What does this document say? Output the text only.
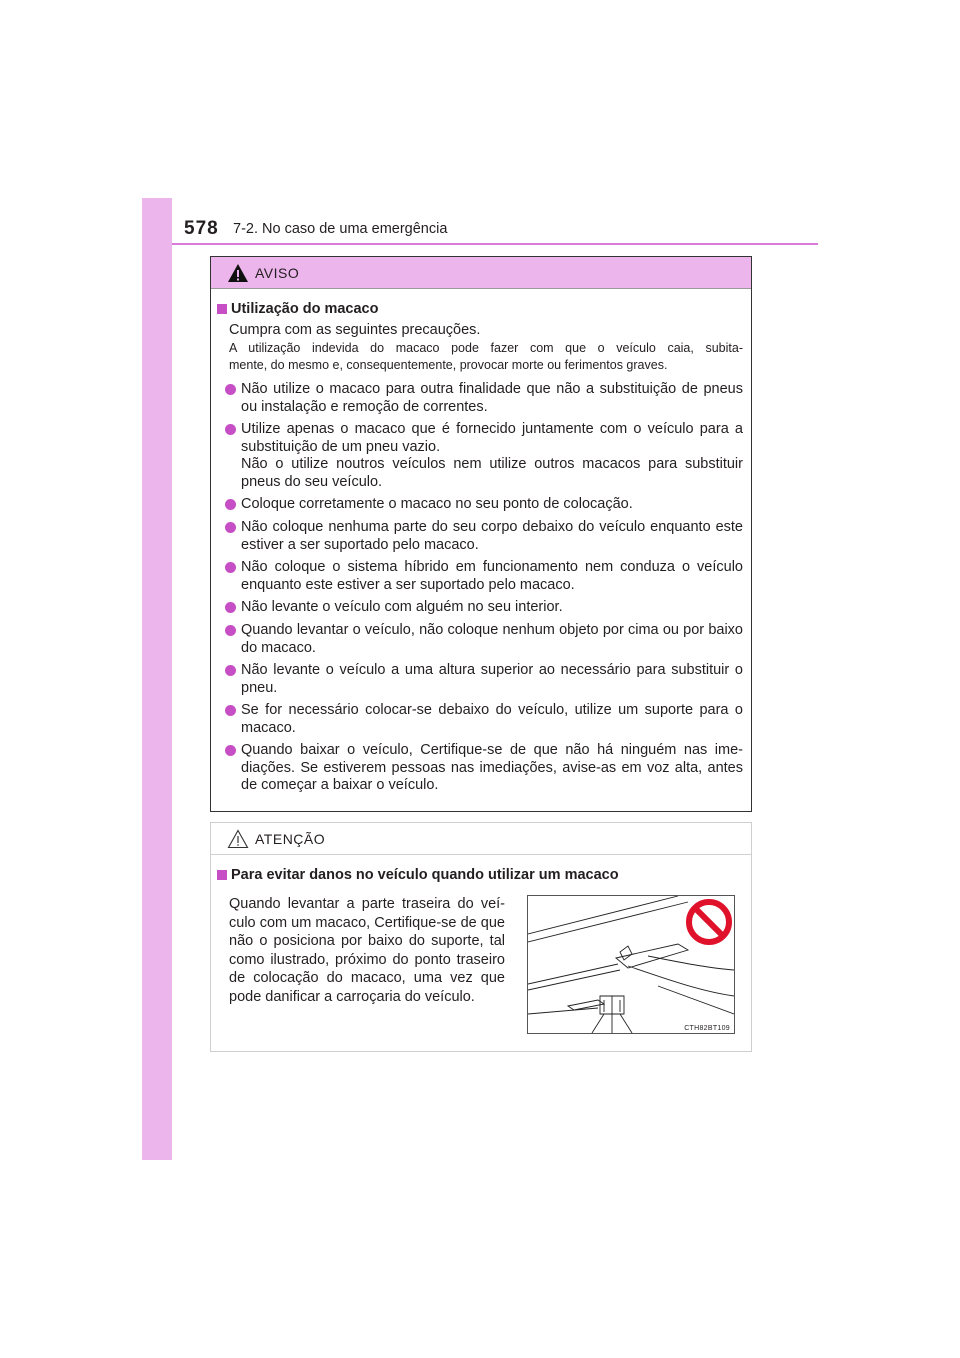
578 7-2. No caso de uma emergência
AVISO
Utilização do macaco
Cumpra com as seguintes precauções.
A utilização indevida do macaco pode fazer com que o veículo caia, subita-
mente, do mesmo e, consequentemente, provocar morte ou ferimentos graves.
Não utilize o macaco para outra finalidade que não a substituição de pneus ou instalação e remoção de correntes.
Utilize apenas o macaco que é fornecido juntamente com o veículo para a substituição de um pneu vazio.
Não o utilize noutros veículos nem utilize outros macacos para substituir pneus do seu veículo.
Coloque corretamente o macaco no seu ponto de colocação.
Não coloque nenhuma parte do seu corpo debaixo do veículo enquanto este estiver a ser suportado pelo macaco.
Não coloque o sistema híbrido em funcionamento nem conduza o veículo enquanto este estiver a ser suportado pelo macaco.
Não levante o veículo com alguém no seu interior.
Quando levantar o veículo, não coloque nenhum objeto por cima ou por baixo do macaco.
Não levante o veículo a uma altura superior ao necessário para substituir o pneu.
Se for necessário colocar-se debaixo do veículo, utilize um suporte para o macaco.
Quando baixar o veículo, Certifique-se de que não há ninguém nas ime-diações. Se estiverem pessoas nas imediações, avise-as em voz alta, antes de começar a baixar o veículo.
ATENÇÃO
Para evitar danos no veículo quando utilizar um macaco
Quando levantar a parte traseira do veí-culo com um macaco, Certifique-se de que não o posiciona por baixo do suporte, tal como ilustrado, próximo do ponto traseiro de colocação do macaco, uma vez que pode danificar a carroçaria do veículo.
CTH82BT109
